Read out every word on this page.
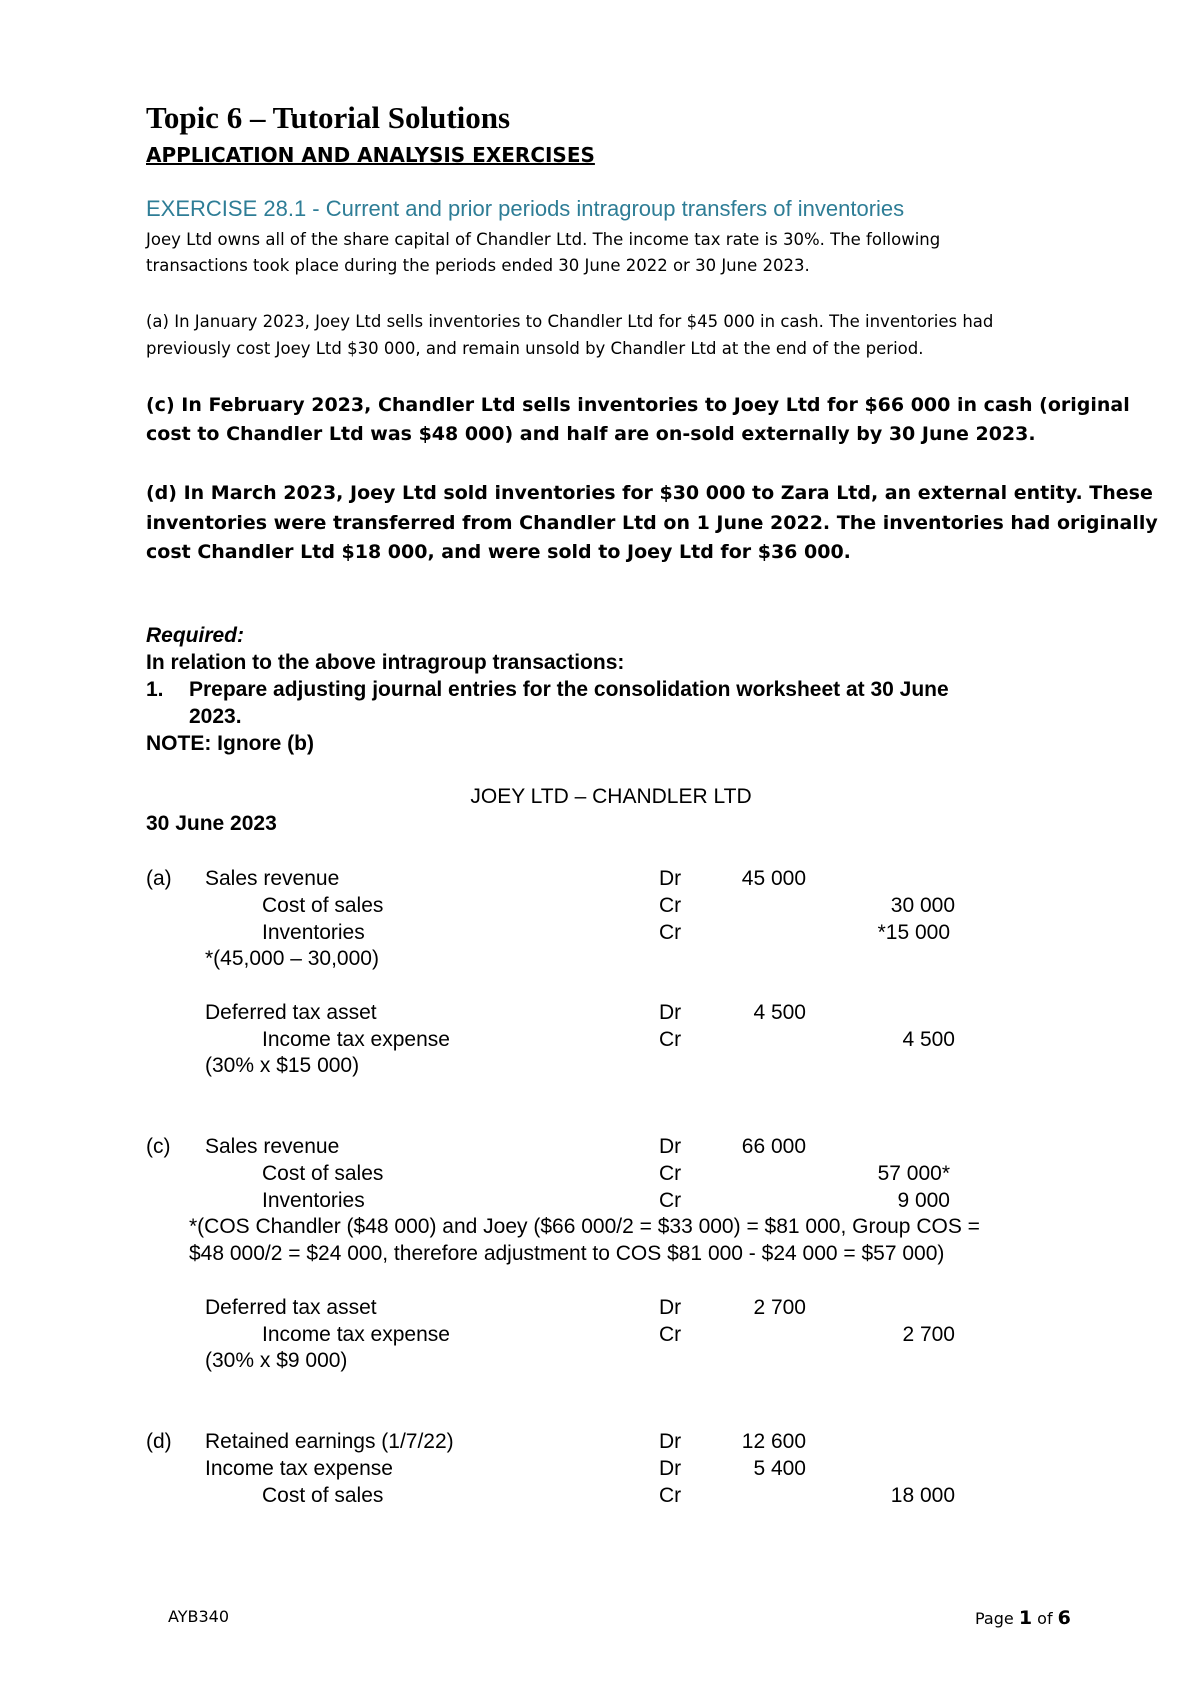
Topic 6 – Tutorial Solutions
APPLICATION AND ANALYSIS EXERCISES
EXERCISE 28.1 - Current and prior periods intragroup transfers of inventories
Joey Ltd owns all of the share capital of Chandler Ltd. The income tax rate is 30%. The following
transactions took place during the periods ended 30 June 2022 or 30 June 2023.
(a) In January 2023, Joey Ltd sells inventories to Chandler Ltd for $45 000 in cash. The inventories had
previously cost Joey Ltd $30 000, and remain unsold by Chandler Ltd at the end of the period.
(c) In February 2023, Chandler Ltd sells inventories to Joey Ltd for $66 000 in cash (original
cost to Chandler Ltd was $48 000) and half are on-sold externally by 30 June 2023.
(d) In March 2023, Joey Ltd sold inventories for $30 000 to Zara Ltd, an external entity. These
inventories were transferred from Chandler Ltd on 1 June 2022. The inventories had originally
cost Chandler Ltd $18 000, and were sold to Joey Ltd for $36 000.
Required:
In relation to the above intragroup transactions:
1. Prepare adjusting journal entries for the consolidation worksheet at 30 June
2023.
NOTE: Ignore (b)
JOEY LTD – CHANDLER LTD
30 June 2023
(a) Sales revenue	Dr	45 000
Cost of sales	Cr	30 000
Inventories	Cr	*15 000
*(45,000 – 30,000)
Deferred tax asset	Dr	4 500
Income tax expense	Cr	4 500
(30% x $15 000)
(c) Sales revenue	Dr	66 000
Cost of sales	Cr	57 000*
Inventories	Cr	9 000
*(COS Chandler ($48 000) and Joey ($66 000/2 = $33 000) = $81 000, Group COS =
$48 000/2 = $24 000, therefore adjustment to COS $81 000 - $24 000 = $57 000)
Deferred tax asset	Dr	2 700
Income tax expense	Cr	2 700
(30% x $9 000)
(d) Retained earnings (1/7/22)	Dr	12 600
Income tax expense	Dr	5 400
Cost of sales	Cr	18 000
AYB340	Page 1 of 6
